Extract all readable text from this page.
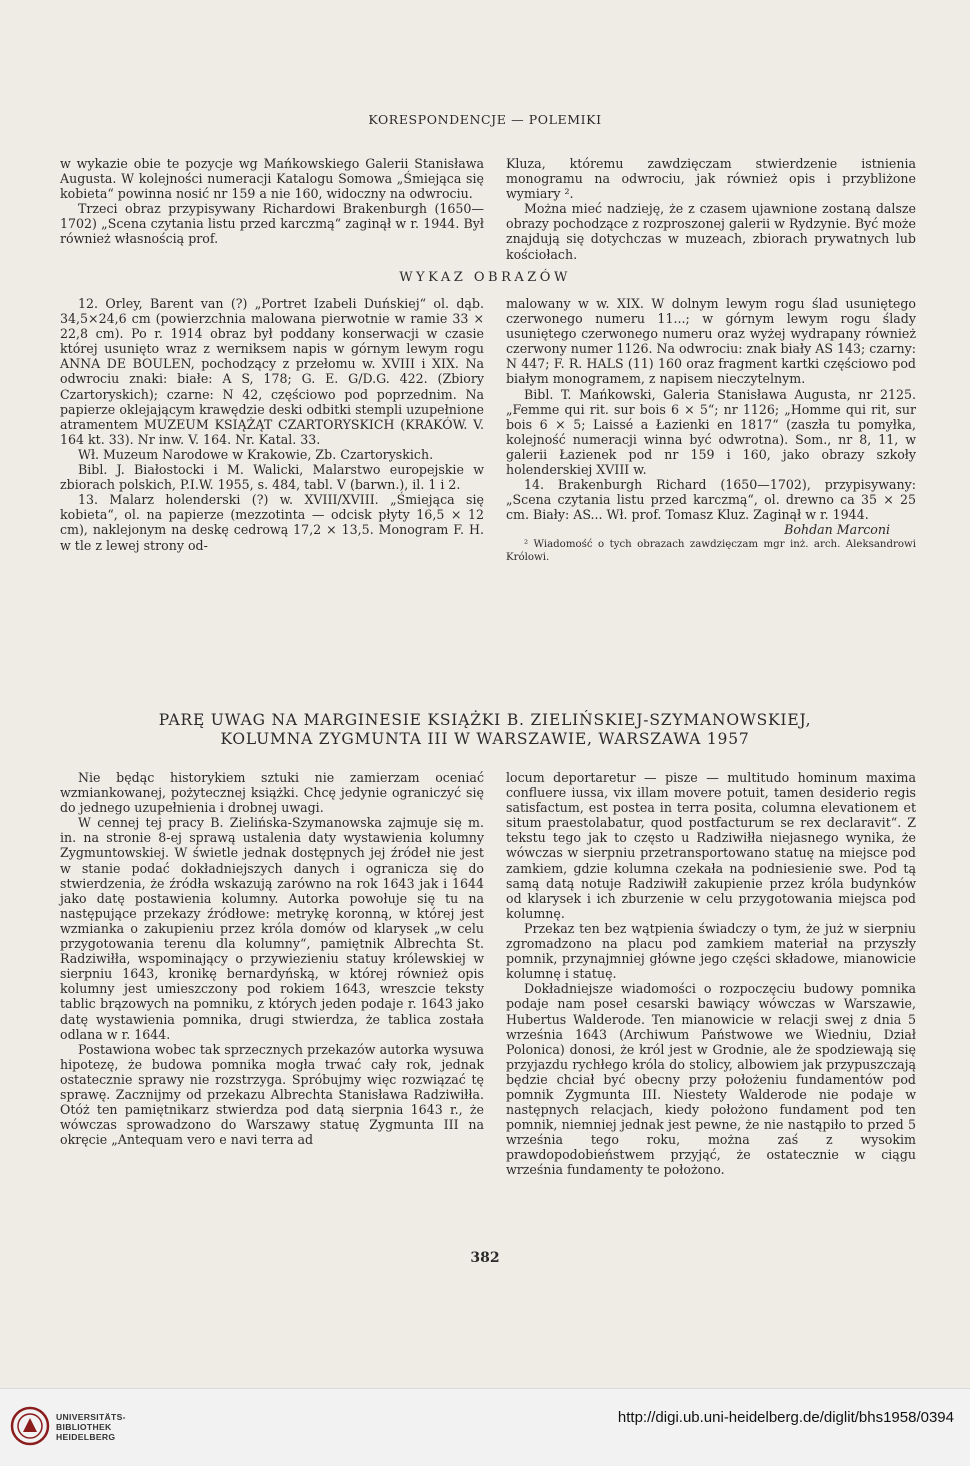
KORESPONDENCJE — POLEMIKI

w wykazie obie te pozycje wg Mańkowskiego Galerii Stanisława Augusta. W kolejności numeracji Katalogu Somowa „Śmiejąca się kobieta“ powinna nosić nr 159 a nie 160, widoczny na odwrociu.

Trzeci obraz przypisywany Richardowi Brakenburgh (1650—1702) „Scena czytania listu przed karczmą“ zaginął w r. 1944. Był również własnością prof.

Kluza, któremu zawdzięczam stwierdzenie istnienia monogramu na odwrociu, jak również opis i przybliżone wymiary ².

Można mieć nadzieję, że z czasem ujawnione zostaną dalsze obrazy pochodzące z rozproszonej galerii w Rydzynie. Być może znajdują się dotychczas w muzeach, zbiorach prywatnych lub kościołach.

WYKAZ OBRAZÓW

12. Orley, Barent van (?) „Portret Izabeli Duńskiej“ ol. dąb. 34,5×24,6 cm (powierzchnia malowana pierwotnie w ramie 33 × 22,8 cm). Po r. 1914 obraz był poddany konserwacji w czasie której usunięto wraz z werniksem napis w górnym lewym rogu ANNA DE BOULEN, pochodzący z przełomu w. XVIII i XIX. Na odwrociu znaki: białe: A S, 178; G. E. G/D.G. 422. (Zbiory Czartoryskich); czarne: N 42, częściowo pod poprzednim. Na papierze oklejającym krawędzie deski odbitki stempli uzupełnione atramentem MUZEUM KSIĄŻĄT CZARTORYSKICH (KRAKÓW. V. 164 kt. 33). Nr inw. V. 164. Nr. Katal. 33.

Wł. Muzeum Narodowe w Krakowie, Zb. Czartoryskich.

Bibl. J. Białostocki i M. Walicki, Malarstwo europejskie w zbiorach polskich, P.I.W. 1955, s. 484, tabl. V (barwn.), il. 1 i 2.

13. Malarz holenderski (?) w. XVIII/XVIII. „Śmiejąca się kobieta“, ol. na papierze (mezzotinta — odcisk płyty 16,5 × 12 cm), naklejonym na deskę cedrową 17,2 × 13,5. Monogram F. H. w tle z lewej strony od-

malowany w w. XIX. W dolnym lewym rogu ślad usuniętego czerwonego numeru 11...; w górnym lewym rogu ślady usuniętego czerwonego numeru oraz wyżej wydrapany również czerwony numer 1126. Na odwrociu: znak biały AS 143; czarny: N 447; F. R. HALS (11) 160 oraz fragment kartki częściowo pod białym monogramem, z napisem nieczytelnym.

Bibl. T. Mańkowski, Galeria Stanisława Augusta, nr 2125. „Femme qui rit. sur bois 6 × 5“; nr 1126; „Homme qui rit, sur bois 6 × 5; Laissé a Łazienki en 1817“ (zaszła tu pomyłka, kolejność numeracji winna być odwrotna). Som., nr 8, 11, w galerii Łazienek pod nr 159 i 160, jako obrazy szkoły holenderskiej XVIII w.

14. Brakenburgh Richard (1650—1702), przypisywany: „Scena czytania listu przed karczmą“, ol. drewno ca 35 × 25 cm. Biały: AS... Wł. prof. Tomasz Kluz. Zaginął w r. 1944.

Bohdan Marconi

² Wiadomość o tych obrazach zawdzięczam mgr inż. arch. Aleksandrowi Królowi.

PARĘ UWAG NA MARGINESIE KSIĄŻKI B. ZIELIŃSKIEJ-SZYMANOWSKIEJ,
KOLUMNA ZYGMUNTA III W WARSZAWIE, WARSZAWA 1957

Nie będąc historykiem sztuki nie zamierzam oceniać wzmiankowanej, pożytecznej książki. Chcę jedynie ograniczyć się do jednego uzupełnienia i drobnej uwagi.

W cennej tej pracy B. Zielińska-Szymanowska zajmuje się m. in. na stronie 8-ej sprawą ustalenia daty wystawienia kolumny Zygmuntowskiej. W świetle jednak dostępnych jej źródeł nie jest w stanie podać dokładniejszych danych i ogranicza się do stwierdzenia, że źródła wskazują zarówno na rok 1643 jak i 1644 jako datę postawienia kolumny. Autorka powołuje się tu na następujące przekazy źródłowe: metrykę koronną, w której jest wzmianka o zakupieniu przez króla domów od klarysek „w celu przygotowania terenu dla kolumny“, pamiętnik Albrechta St. Radziwiłła, wspominający o przywiezieniu statuy królewskiej w sierpniu 1643, kronikę bernardyńską, w której również opis kolumny jest umieszczony pod rokiem 1643, wreszcie teksty tablic brązowych na pomniku, z których jeden podaje r. 1643 jako datę wystawienia pomnika, drugi stwierdza, że tablica została odlana w r. 1644.

Postawiona wobec tak sprzecznych przekazów autorka wysuwa hipotezę, że budowa pomnika mogła trwać cały rok, jednak ostatecznie sprawy nie rozstrzyga. Spróbujmy więc rozwiązać tę sprawę. Zacznijmy od przekazu Albrechta Stanisława Radziwiłła. Otóż ten pamiętnikarz stwierdza pod datą sierpnia 1643 r., że wówczas sprowadzono do Warszawy statuę Zygmunta III na okręcie „Antequam vero e navi terra ad

locum deportaretur — pisze — multitudo hominum maxima confluere iussa, vix illam movere potuit, tamen desiderio regis satisfactum, est postea in terra posita, columna elevationem et situm praestolabatur, quod postfacturum se rex declaravit“. Z tekstu tego jak to często u Radziwiłła niejasnego wynika, że wówczas w sierpniu przetransportowano statuę na miejsce pod zamkiem, gdzie kolumna czekała na podniesienie swe. Pod tą samą datą notuje Radziwiłł zakupienie przez króla budynków od klarysek i ich zburzenie w celu przygotowania miejsca pod kolumnę.

Przekaz ten bez wątpienia świadczy o tym, że już w sierpniu zgromadzono na placu pod zamkiem materiał na przyszły pomnik, przynajmniej główne jego części składowe, mianowicie kolumnę i statuę.

Dokładniejsze wiadomości o rozpoczęciu budowy pomnika podaje nam poseł cesarski bawiący wówczas w Warszawie, Hubertus Walderode. Ten mianowicie w relacji swej z dnia 5 września 1643 (Archiwum Państwowe we Wiedniu, Dział Polonica) donosi, że król jest w Grodnie, ale że spodziewają się przyjazdu rychłego króla do stolicy, albowiem jak przypuszczają będzie chciał być obecny przy położeniu fundamentów pod pomnik Zygmunta III. Niestety Walderode nie podaje w następnych relacjach, kiedy położono fundament pod ten pomnik, niemniej jednak jest pewne, że nie nastąpiło to przed 5 września tego roku, można zaś z wysokim prawdopodobieństwem przyjąć, że ostatecznie w ciągu września fundamenty te położono.

382
UNIVERSITÄTS-
BIBLIOTHEK
HEIDELBERG
http://digi.ub.uni-heidelberg.de/diglit/bhs1958/0394
